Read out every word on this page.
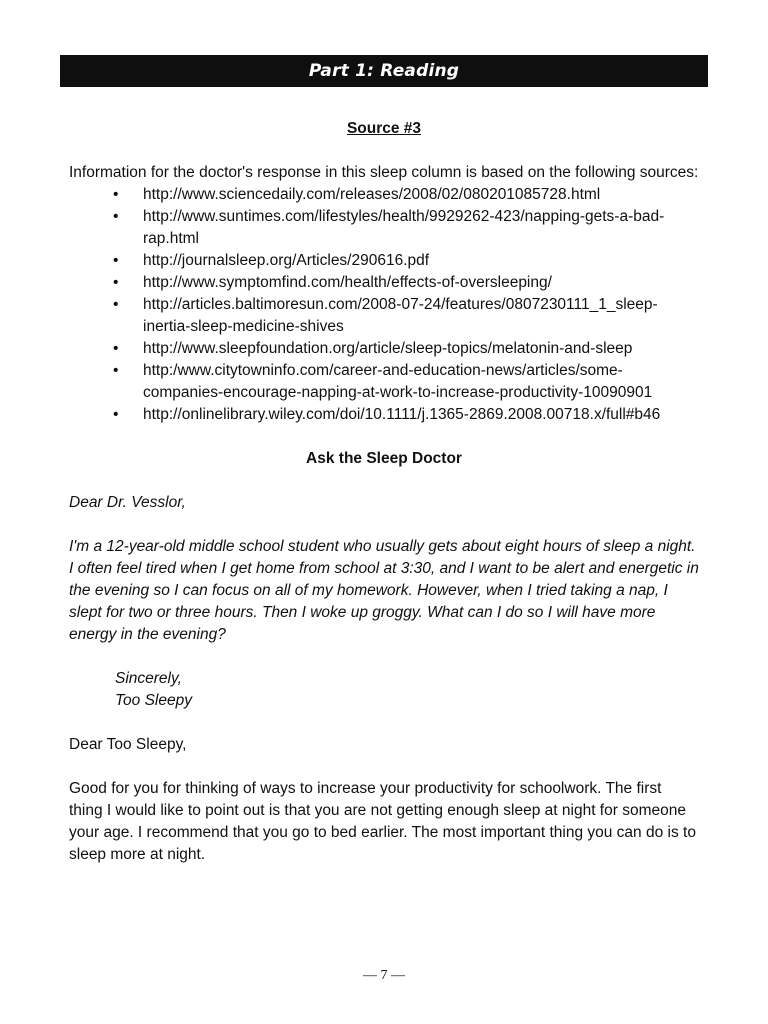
Part 1: Reading
Source #3

Information for the doctor's response in this sleep column is based on the following sources:

• http://www.sciencedaily.com/releases/2008/02/080201085728.html
• http://www.suntimes.com/lifestyles/health/9929262-423/napping-gets-a-bad-rap.html
• http://journalsleep.org/Articles/290616.pdf
• http://www.symptomfind.com/health/effects-of-oversleeping/
• http://articles.baltimoresun.com/2008-07-24/features/0807230111_1_sleep-inertia-sleep-medicine-shives
• http://www.sleepfoundation.org/article/sleep-topics/melatonin-and-sleep
• http:/www.citytowninfo.com/career-and-education-news/articles/some-companies-encourage-napping-at-work-to-increase-productivity-10090901
• http://onlinelibrary.wiley.com/doi/10.1111/j.1365-2869.2008.00718.x/full#b46
Ask the Sleep Doctor

Dear Dr. Vesslor,

I'm a 12-year-old middle school student who usually gets about eight hours of sleep a night. I often feel tired when I get home from school at 3:30, and I want to be alert and energetic in the evening so I can focus on all of my homework. However, when I tried taking a nap, I slept for two or three hours. Then I woke up groggy. What can I do so I will have more energy in the evening?

Sincerely,
Too Sleepy

Dear Too Sleepy,

Good for you for thinking of ways to increase your productivity for schoolwork. The first thing I would like to point out is that you are not getting enough sleep at night for someone your age. I recommend that you go to bed earlier. The most important thing you can do is to sleep more at night.

— 7 —
